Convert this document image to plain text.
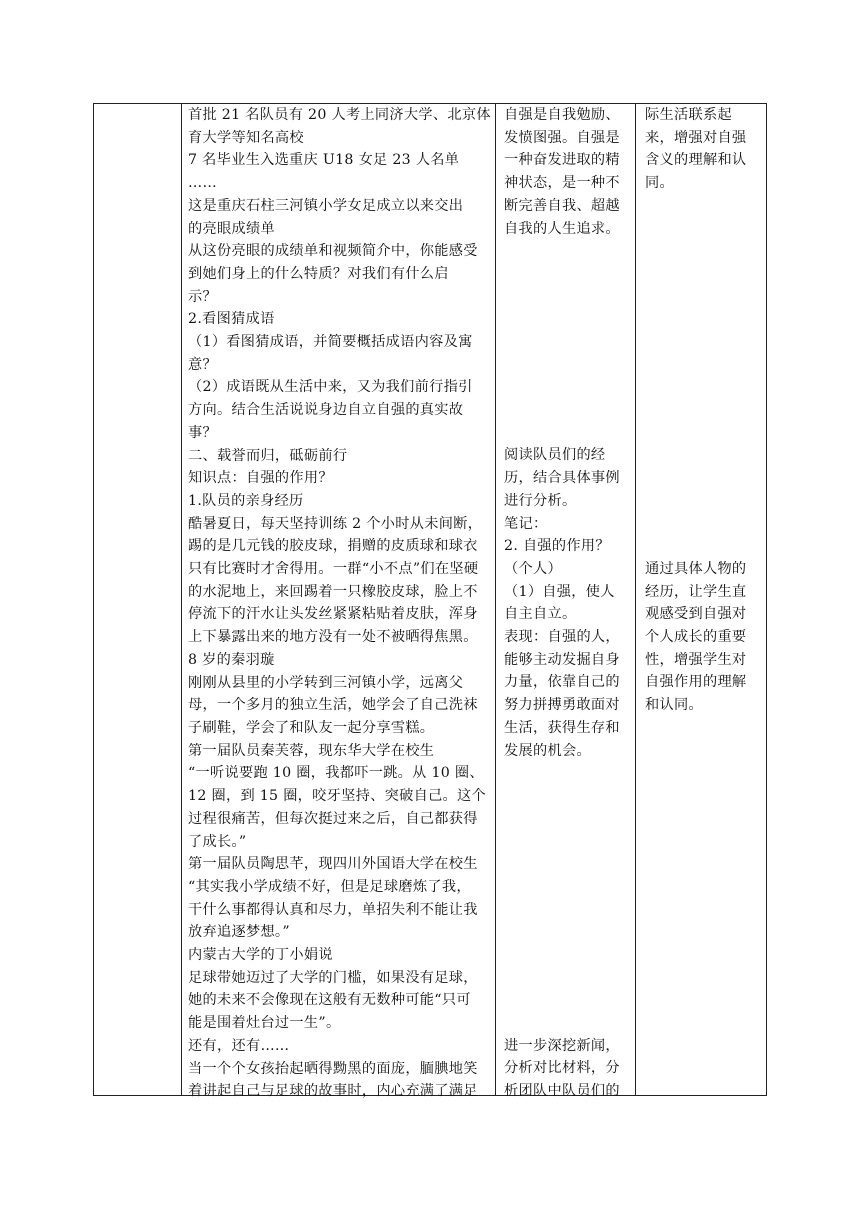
首批 21 名队员有 20 人考上同济大学、北京体

育大学等知名高校

7 名毕业生入选重庆 U18 女足 23 人名单

……

这是重庆石柱三河镇小学女足成立以来交出

的亮眼成绩单

从这份亮眼的成绩单和视频简介中，你能感受

到她们身上的什么特质？对我们有什么启

示？

2.看图猜成语

（1）看图猜成语，并简要概括成语内容及寓

意？

（2）成语既从生活中来，又为我们前行指引

方向。结合生活说说身边自立自强的真实故

事？

二、载誉而归，砥砺前行

知识点：自强的作用？

1.队员的亲身经历

酷暑夏日，每天坚持训练 2 个小时从未间断，

踢的是几元钱的胶皮球，捐赠的皮质球和球衣

只有比赛时才舍得用。一群“小不点”们在坚硬

的水泥地上，来回踢着一只橡胶皮球，脸上不

停流下的汗水让头发丝紧紧粘贴着皮肤，浑身

上下暴露出来的地方没有一处不被晒得焦黑。

8 岁的秦羽璇

刚刚从县里的小学转到三河镇小学，远离父

母，一个多月的独立生活，她学会了自己洗袜

子刷鞋，学会了和队友一起分享雪糕。

第一届队员秦芙蓉，现东华大学在校生

“一听说要跑 10 圈，我都吓一跳。从 10 圈、

12 圈，到 15 圈，咬牙坚持、突破自己。这个

过程很痛苦，但每次挺过来之后，自己都获得

了成长。”

第一届队员陶思芊，现四川外国语大学在校生

“其实我小学成绩不好，但是足球磨炼了我，

干什么事都得认真和尽力，单招失利不能让我

放弃追逐梦想。”

内蒙古大学的丁小娟说

足球带她迈过了大学的门槛，如果没有足球，

她的未来不会像现在这般有无数种可能“只可

能是围着灶台过一生”。

还有，还有……

当一个个女孩抬起晒得黝黑的面庞，腼腆地笑

着讲起自己与足球的故事时，内心充满了满足

自强是自我勉励、

发愤图强。自强是

一种奋发进取的精

神状态，是一种不

断完善自我、超越

自我的人生追求。

阅读队员们的经

历，结合具体事例

进行分析。

笔记：

2. 自强的作用？

（个人）

（1）自强，使人

自主自立。

表现：自强的人，

能够主动发掘自身

力量，依靠自己的

努力拼搏勇敢面对

生活，获得生存和

发展的机会。

进一步深挖新闻，

分析对比材料，分

析团队中队员们的

际生活联系起

来，增强对自强

含义的理解和认

同。

通过具体人物的

经历，让学生直

观感受到自强对

个人成长的重要

性，增强学生对

自强作用的理解

和认同。
